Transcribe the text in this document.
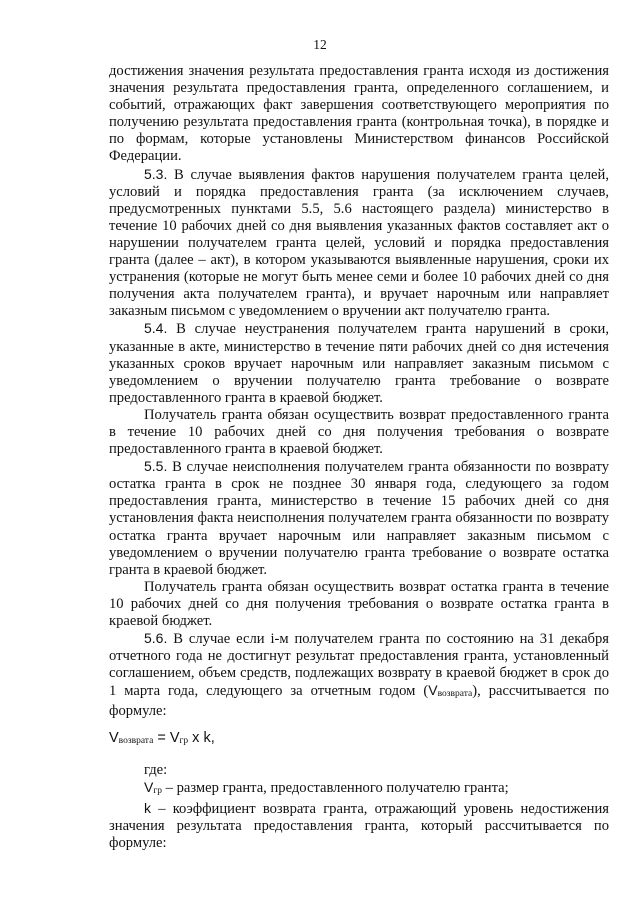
12

достижения значения результата предоставления гранта исходя из достижения значения результата предоставления гранта, определенного соглашением, и событий, отражающих факт завершения соответствующего мероприятия по получению результата предоставления гранта (контрольная точка), в порядке и по формам, которые установлены Министерством финансов Российской Федерации.

5.3. В случае выявления фактов нарушения получателем гранта целей, условий и порядка предоставления гранта (за исключением случаев, предусмотренных пунктами 5.5, 5.6 настоящего раздела) министерство в течение 10 рабочих дней со дня выявления указанных фактов составляет акт о нарушении получателем гранта целей, условий и порядка предоставления гранта (далее – акт), в котором указываются выявленные нарушения, сроки их устранения (которые не могут быть менее семи и более 10 рабочих дней со дня получения акта получателем гранта), и вручает нарочным или направляет заказным письмом с уведомлением о вручении акт получателю гранта.

5.4. В случае неустранения получателем гранта нарушений в сроки, указанные в акте, министерство в течение пяти рабочих дней со дня истечения указанных сроков вручает нарочным или направляет заказным письмом с уведомлением о вручении получателю гранта требование о возврате предоставленного гранта в краевой бюджет.

Получатель гранта обязан осуществить возврат предоставленного гранта в течение 10 рабочих дней со дня получения требования о возврате предоставленного гранта в краевой бюджет.

5.5. В случае неисполнения получателем гранта обязанности по возврату остатка гранта в срок не позднее 30 января года, следующего за годом предоставления гранта, министерство в течение 15 рабочих дней со дня установления факта неисполнения получателем гранта обязанности по возврату остатка гранта вручает нарочным или направляет заказным письмом с уведомлением о вручении получателю гранта требование о возврате остатка гранта в краевой бюджет.

Получатель гранта обязан осуществить возврат остатка гранта в течение 10 рабочих дней со дня получения требования о возврате остатка гранта в краевой бюджет.

5.6. В случае если i-м получателем гранта по состоянию на 31 декабря отчетного года не достигнут результат предоставления гранта, установленный соглашением, объем средств, подлежащих возврату в краевой бюджет в срок до 1 марта года, следующего за отчетным годом (Vвозврата), рассчитывается по формуле:

Vвозврата = Vгр x k,

где:

Vгр – размер гранта, предоставленного получателю гранта;

k – коэффициент возврата гранта, отражающий уровень недостижения значения результата предоставления гранта, который рассчитывается по формуле:
